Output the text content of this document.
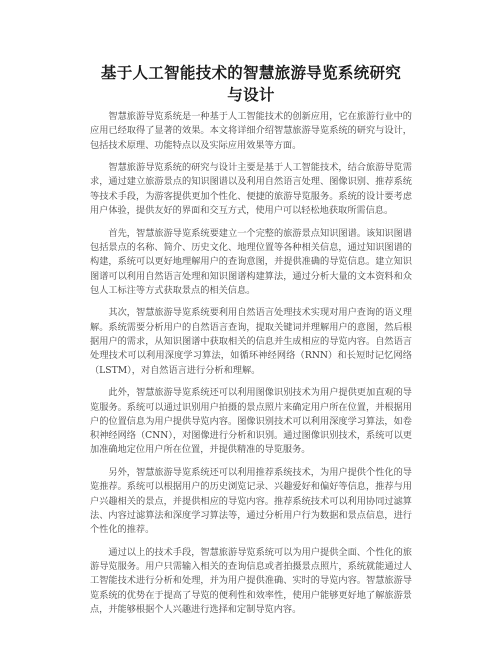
基于人工智能技术的智慧旅游导览系统研究
与设计

智慧旅游导览系统是一种基于人工智能技术的创新应用，它在旅游行业中的应用已经取得了显著的效果。本文将详细介绍智慧旅游导览系统的研究与设计，包括技术原理、功能特点以及实际应用效果等方面。

智慧旅游导览系统的研究与设计主要是基于人工智能技术，结合旅游导览需求，通过建立旅游景点的知识图谱以及利用自然语言处理、图像识别、推荐系统等技术手段，为游客提供更加个性化、便捷的旅游导览服务。系统的设计要考虑用户体验，提供友好的界面和交互方式，使用户可以轻松地获取所需信息。

首先，智慧旅游导览系统要建立一个完整的旅游景点知识图谱。该知识图谱包括景点的名称、简介、历史文化、地理位置等各种相关信息，通过知识图谱的构建，系统可以更好地理解用户的查询意图，并提供准确的导览信息。建立知识图谱可以利用自然语言处理和知识图谱构建算法，通过分析大量的文本资料和众包人工标注等方式获取景点的相关信息。

其次，智慧旅游导览系统要利用自然语言处理技术实现对用户查询的语义理解。系统需要分析用户的自然语言查询，提取关键词并理解用户的意图，然后根据用户的需求，从知识图谱中获取相关的信息并生成相应的导览内容。自然语言处理技术可以利用深度学习算法，如循环神经网络（RNN）和长短时记忆网络（LSTM），对自然语言进行分析和理解。

此外，智慧旅游导览系统还可以利用图像识别技术为用户提供更加直观的导览服务。系统可以通过识别用户拍摄的景点照片来确定用户所在位置，并根据用户的位置信息为用户提供导览内容。图像识别技术可以利用深度学习算法，如卷积神经网络（CNN），对图像进行分析和识别。通过图像识别技术，系统可以更加准确地定位用户所在位置，并提供精准的导览服务。

另外，智慧旅游导览系统还可以利用推荐系统技术，为用户提供个性化的导览推荐。系统可以根据用户的历史浏览记录、兴趣爱好和偏好等信息，推荐与用户兴趣相关的景点，并提供相应的导览内容。推荐系统技术可以利用协同过滤算法、内容过滤算法和深度学习算法等，通过分析用户行为数据和景点信息，进行个性化的推荐。

通过以上的技术手段，智慧旅游导览系统可以为用户提供全面、个性化的旅游导览服务。用户只需输入相关的查询信息或者拍摄景点照片，系统就能通过人工智能技术进行分析和处理，并为用户提供准确、实时的导览内容。智慧旅游导览系统的优势在于提高了导览的便利性和效率性，使用户能够更好地了解旅游景点，并能够根据个人兴趣进行选择和定制导览内容。
